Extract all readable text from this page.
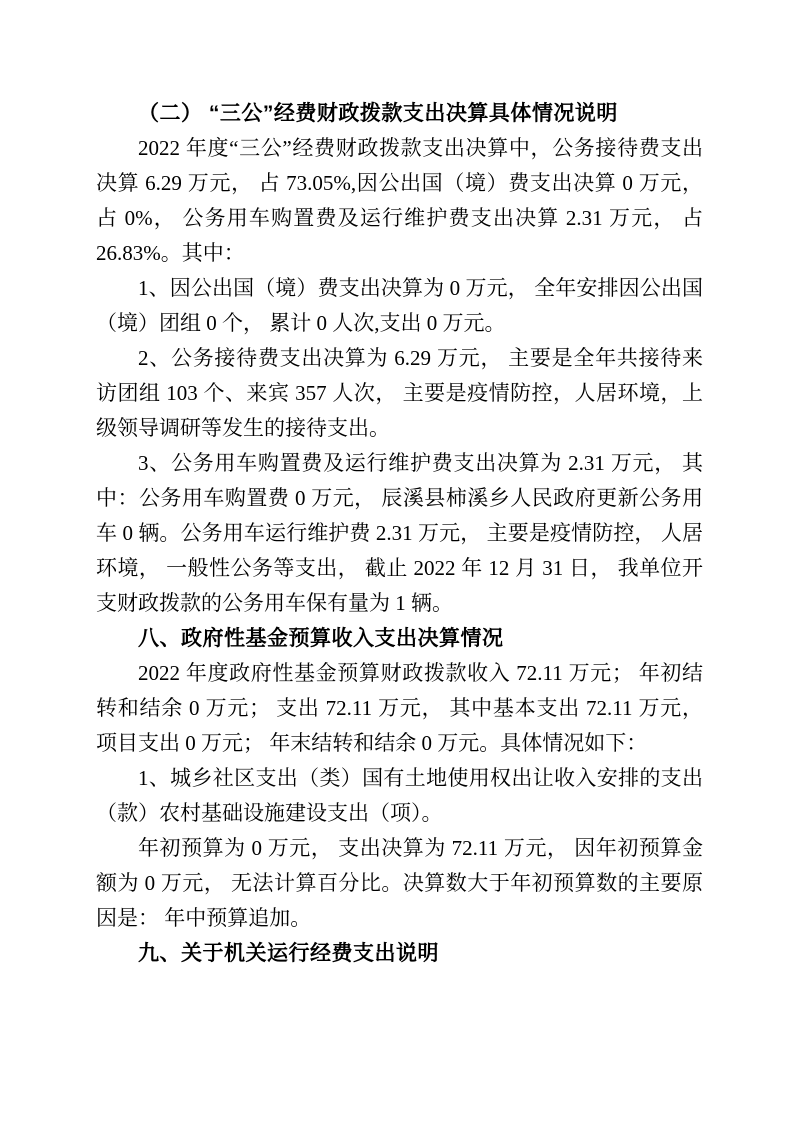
（二） “三公”经费财政拨款支出决算具体情况说明

2022 年度“三公”经费财政拨款支出决算中，公务接待费支出决算 6.29 万元， 占 73.05%,因公出国（境）费支出决算 0 万元，占 0%， 公务用车购置费及运行维护费支出决算 2.31 万元， 占 26.83%。其中：

1、因公出国（境）费支出决算为 0 万元， 全年安排因公出国（境）团组 0 个， 累计 0 人次,支出 0 万元。

2、公务接待费支出决算为 6.29 万元， 主要是全年共接待来访团组 103 个、来宾 357 人次， 主要是疫情防控，人居环境，上级领导调研等发生的接待支出。

3、公务用车购置费及运行维护费支出决算为 2.31 万元， 其中：公务用车购置费 0 万元， 辰溪县柿溪乡人民政府更新公务用车 0 辆。公务用车运行维护费 2.31 万元， 主要是疫情防控， 人居环境， 一般性公务等支出， 截止 2022 年 12 月 31 日， 我单位开支财政拨款的公务用车保有量为 1 辆。

八、政府性基金预算收入支出决算情况

2022 年度政府性基金预算财政拨款收入 72.11 万元； 年初结转和结余 0 万元； 支出 72.11 万元， 其中基本支出 72.11 万元， 项目支出 0 万元； 年末结转和结余 0 万元。具体情况如下：

1、城乡社区支出（类）国有土地使用权出让收入安排的支出（款）农村基础设施建设支出（项）。

年初预算为 0 万元， 支出决算为 72.11 万元， 因年初预算金额为 0 万元， 无法计算百分比。决算数大于年初预算数的主要原因是： 年中预算追加。

九、关于机关运行经费支出说明
